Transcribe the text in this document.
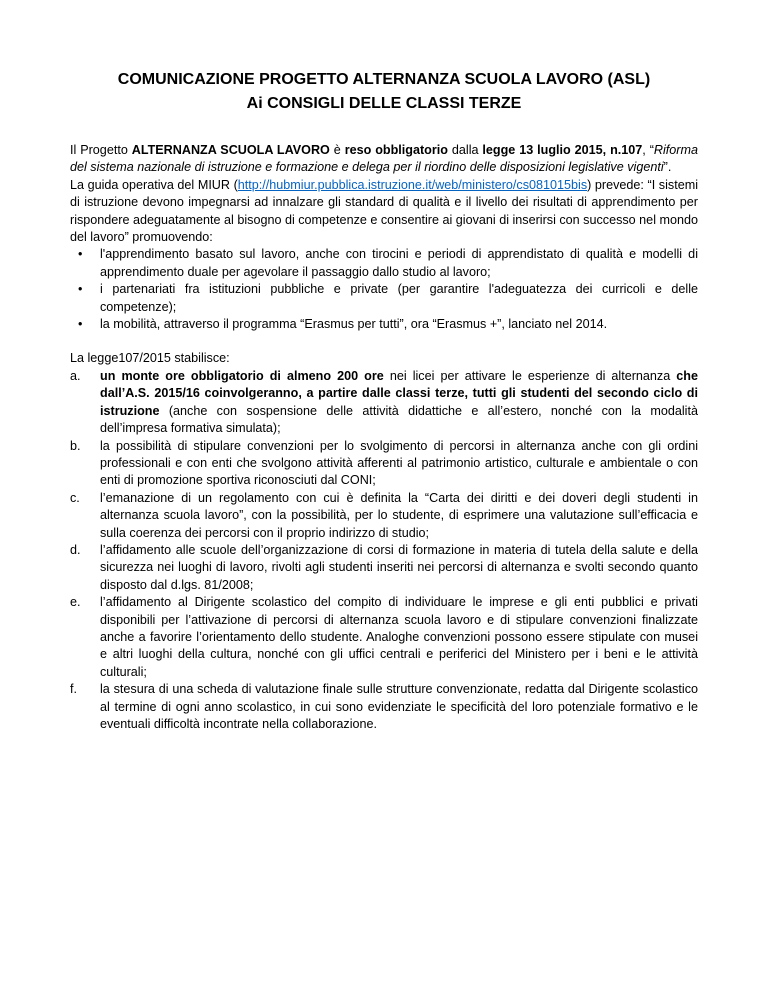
COMUNICAZIONE PROGETTO ALTERNANZA SCUOLA LAVORO (ASL)
Ai CONSIGLI DELLE CLASSI TERZE

Il Progetto ALTERNANZA SCUOLA LAVORO è reso obbligatorio dalla legge 13 luglio 2015, n.107, “Riforma del sistema nazionale di istruzione e formazione e delega per il riordino delle disposizioni legislative vigenti”.

La guida operativa del MIUR (http://hubmiur.pubblica.istruzione.it/web/ministero/cs081015bis) prevede: “I sistemi di istruzione devono impegnarsi ad innalzare gli standard di qualità e il livello dei risultati di apprendimento per rispondere adeguatamente al bisogno di competenze e consentire ai giovani di inserirsi con successo nel mondo del lavoro” promuovendo:

• l'apprendimento basato sul lavoro, anche con tirocini e periodi di apprendistato di qualità e modelli di apprendimento duale per agevolare il passaggio dallo studio al lavoro;
• i partenariati fra istituzioni pubbliche e private (per garantire l'adeguatezza dei curricoli e delle competenze);
• la mobilità, attraverso il programma “Erasmus per tutti”, ora “Erasmus +”, lanciato nel 2014.

La legge107/2015 stabilisce:

a. un monte ore obbligatorio di almeno 200 ore nei licei per attivare le esperienze di alternanza che dall’A.S. 2015/16 coinvolgeranno, a partire dalle classi terze, tutti gli studenti del secondo ciclo di istruzione (anche con sospensione delle attività didattiche e all’estero, nonché con la modalità dell’impresa formativa simulata);
b. la possibilità di stipulare convenzioni per lo svolgimento di percorsi in alternanza anche con gli ordini professionali e con enti che svolgono attività afferenti al patrimonio artistico, culturale e ambientale o con enti di promozione sportiva riconosciuti dal CONI;
c. l’emanazione di un regolamento con cui è definita la “Carta dei diritti e dei doveri degli studenti in alternanza scuola lavoro”, con la possibilità, per lo studente, di esprimere una valutazione sull’efficacia e sulla coerenza dei percorsi con il proprio indirizzo di studio;
d. l’affidamento alle scuole dell’organizzazione di corsi di formazione in materia di tutela della salute e della sicurezza nei luoghi di lavoro, rivolti agli studenti inseriti nei percorsi di alternanza e svolti secondo quanto disposto dal d.lgs. 81/2008;
e. l’affidamento al Dirigente scolastico del compito di individuare le imprese e gli enti pubblici e privati disponibili per l’attivazione di percorsi di alternanza scuola lavoro e di stipulare convenzioni finalizzate anche a favorire l’orientamento dello studente. Analoghe convenzioni possono essere stipulate con musei e altri luoghi della cultura, nonché con gli uffici centrali e periferici del Ministero per i beni e le attività culturali;
f. la stesura di una scheda di valutazione finale sulle strutture convenzionate, redatta dal Dirigente scolastico al termine di ogni anno scolastico, in cui sono evidenziate le specificità del loro potenziale formativo e le eventuali difficoltà incontrate nella collaborazione.
